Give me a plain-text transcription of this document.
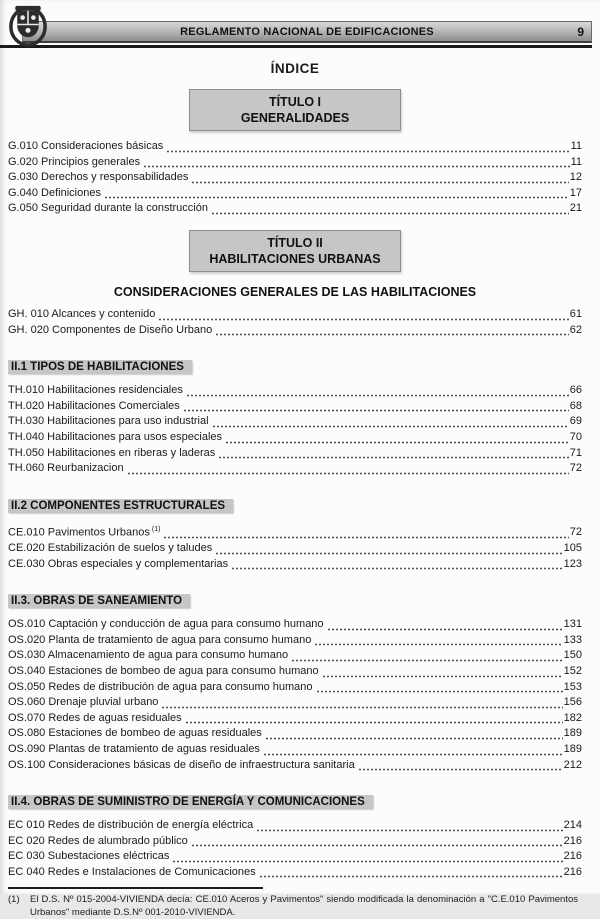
REGLAMENTO NACIONAL DE EDIFICACIONES	9
ÍNDICE
TÍTULO I
GENERALIDADES
G.010 Consideraciones básicas	11
G.020 Principios generales	11
G.030 Derechos y responsabilidades	12
G.040 Definiciones	17
G.050 Seguridad durante la construcción	21
TÍTULO II
HABILITACIONES URBANAS
CONSIDERACIONES GENERALES DE LAS HABILITACIONES
GH. 010 Alcances y contenido	61
GH. 020 Componentes de Diseño Urbano	62
II.1 TIPOS DE HABILITACIONES
TH.010 Habilitaciones residenciales	66
TH.020 Habilitaciones Comerciales	68
TH.030 Habilitaciones para uso industrial	69
TH.040 Habilitaciones para usos especiales	70
TH.050 Habilitaciones en riberas y laderas	71
TH.060 Reurbanizacion	72
II.2 COMPONENTES ESTRUCTURALES
CE.010 Pavimentos Urbanos $^{(1)}$	72
CE.020 Estabilización de suelos y taludes	105
CE.030 Obras especiales y complementarias	123
II.3. OBRAS DE SANEAMIENTO
OS.010 Captación y conducción de agua para consumo humano	131
OS.020 Planta de tratamiento de agua para consumo humano	133
OS.030 Almacenamiento de agua para consumo humano	150
OS.040 Estaciones de bombeo de agua para consumo humano	152
OS.050 Redes de distribución de agua para consumo humano	153
OS.060 Drenaje pluvial urbano	156
OS.070 Redes de aguas residuales	182
OS.080 Estaciones de bombeo de aguas residuales	189
OS.090 Plantas de tratamiento de aguas residuales	189
OS.100 Consideraciones básicas de diseño de infraestructura sanitaria	212
II.4. OBRAS DE SUMINISTRO DE ENERGÍA Y COMUNICACIONES
EC 010 Redes de distribución de energía eléctrica	214
EC 020 Redes de alumbrado público	216
EC 030 Subestaciones eléctricas	216
EC 040 Redes e Instalaciones de Comunicaciones	216
(1)	El D.S. Nº 015-2004-VIVIENDA decía: CE.010 Aceros y Pavimentos" siendo modificada la denominación a "C.E.010 Pavimentos Urbanos" mediante D.S.Nº 001-2010-VIVIENDA.
